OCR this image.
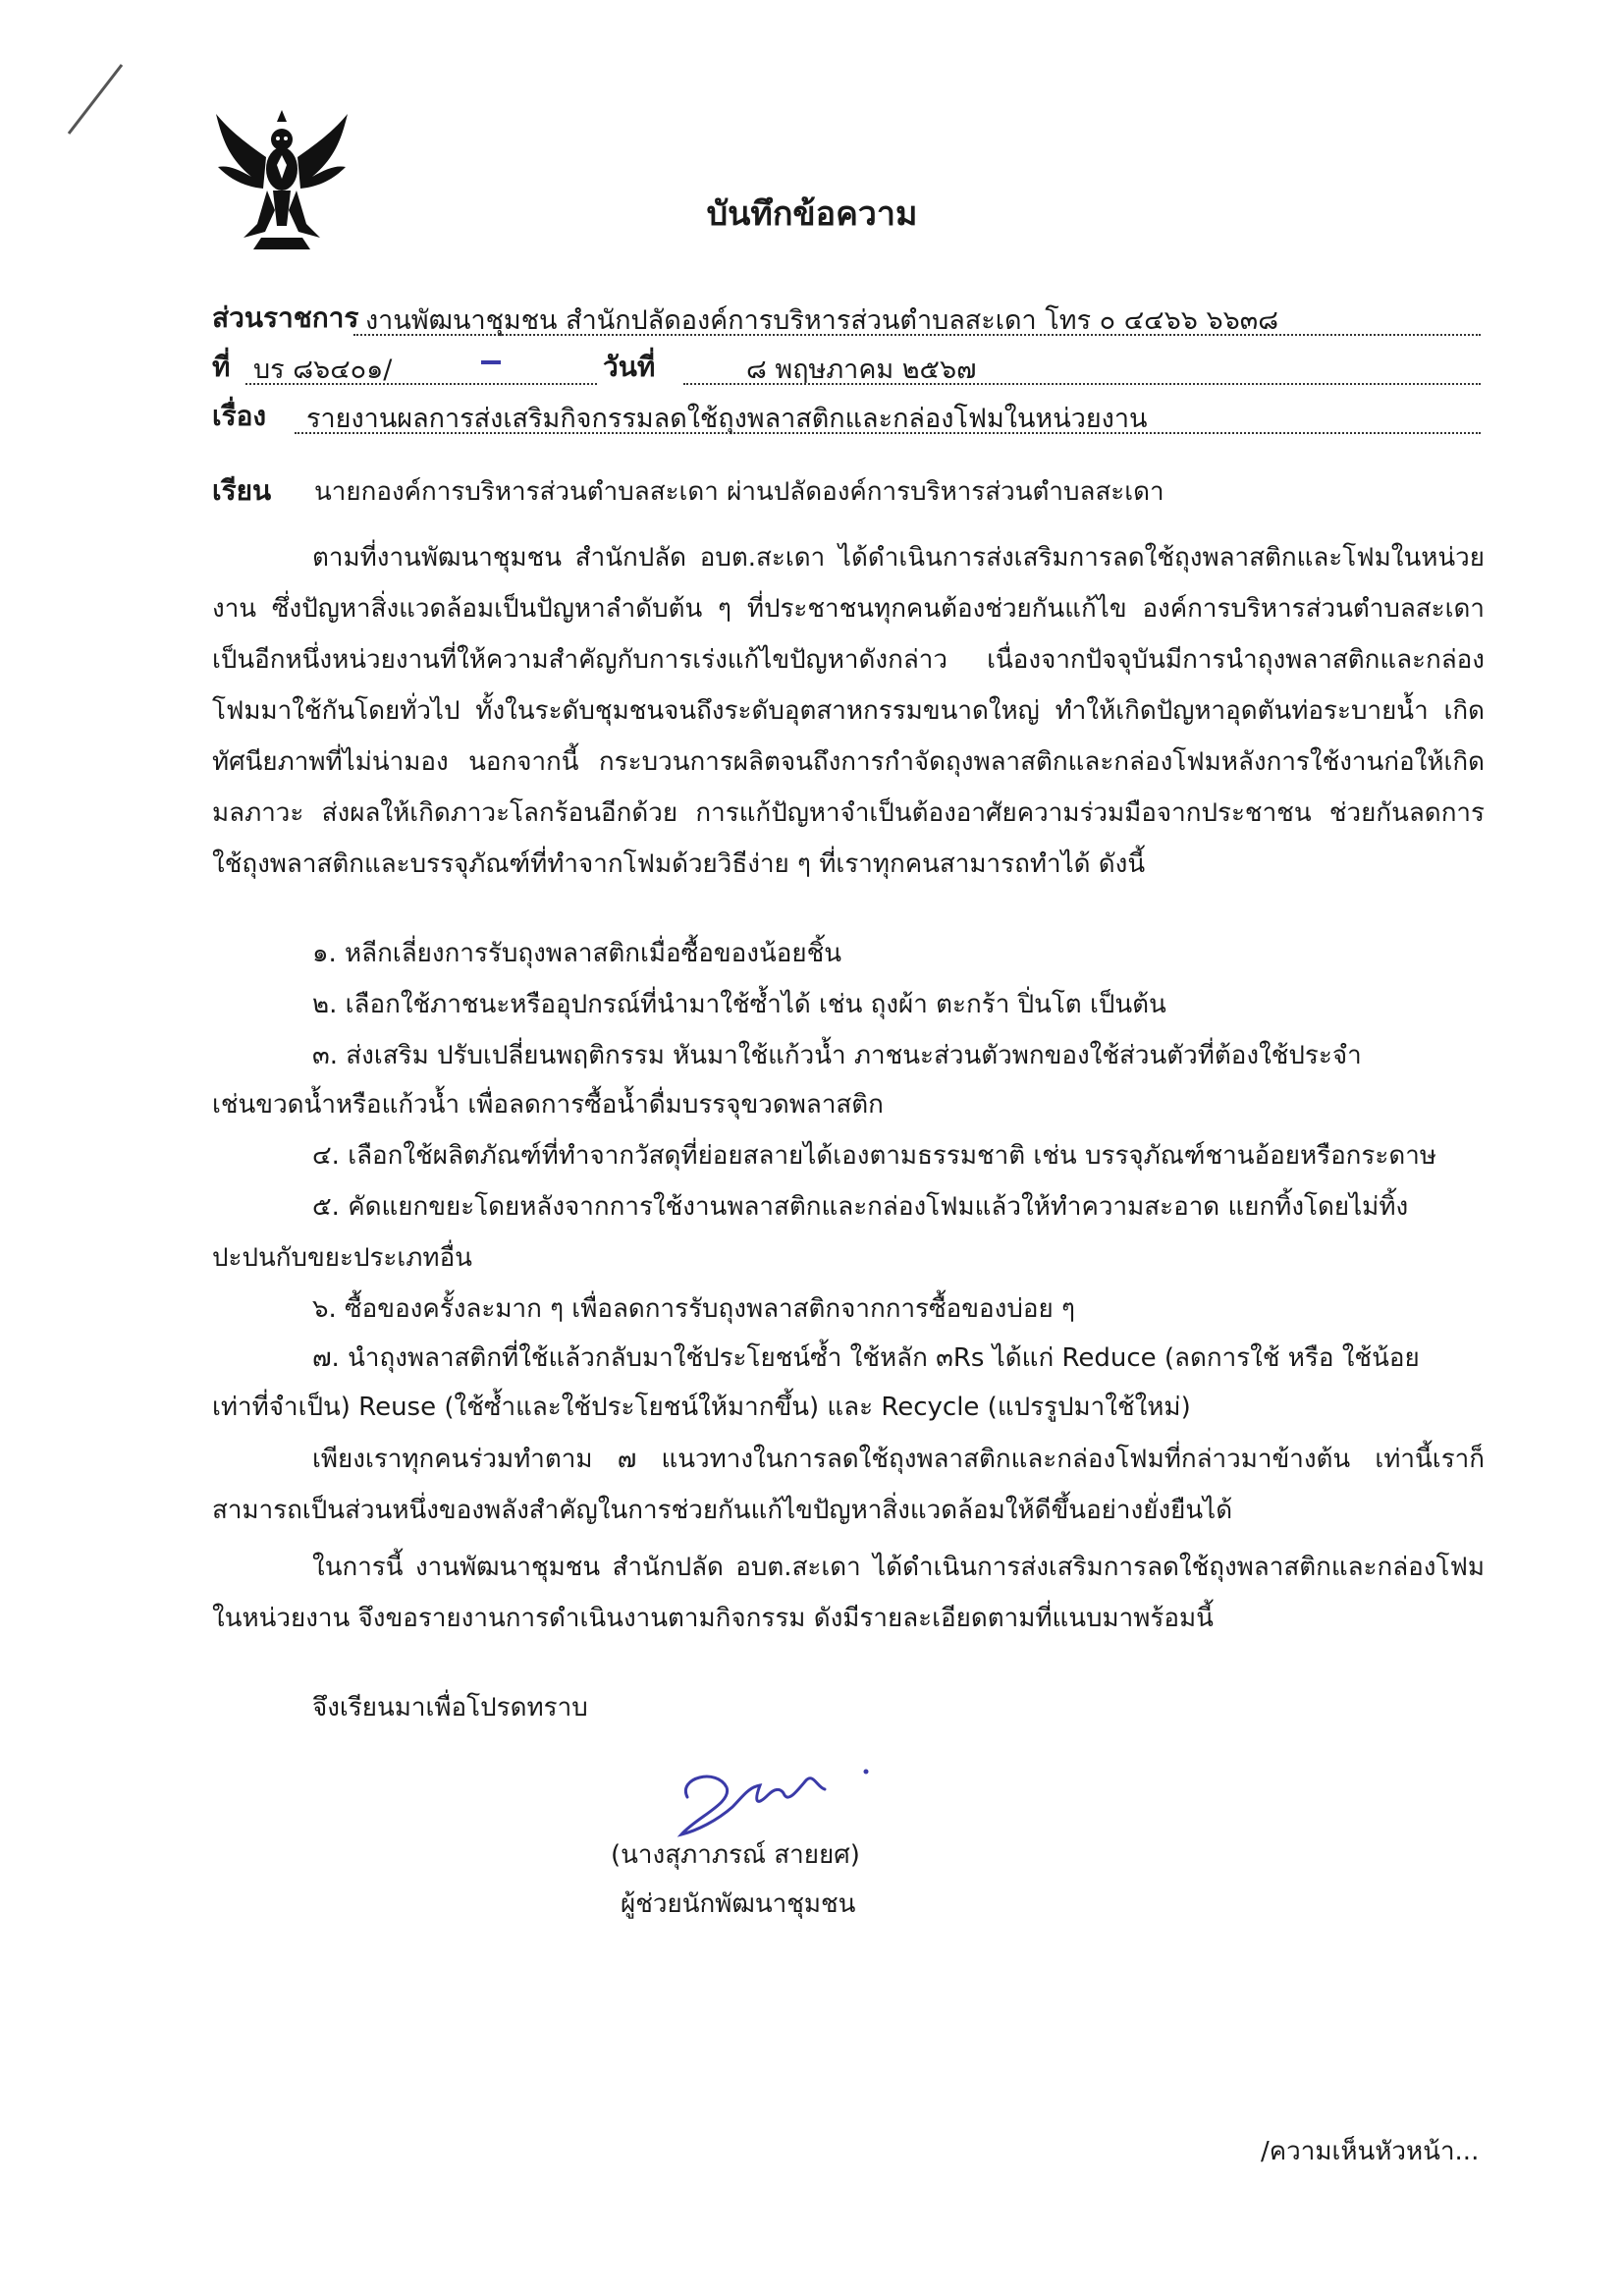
บันทึกข้อความ
ส่วนราชการ งานพัฒนาชุมชน สำนักปลัดองค์การบริหารส่วนตำบลสะเดา โทร ๐ ๔๔๖๖ ๖๖๓๘
ที่ บร ๘๖๔๐๑/	วันที่	๘ พฤษภาคม ๒๕๖๗
เรื่อง รายงานผลการส่งเสริมกิจกรรมลดใช้ถุงพลาสติกและกล่องโฟมในหน่วยงาน
เรียน นายกองค์การบริหารส่วนตำบลสะเดา ผ่านปลัดองค์การบริหารส่วนตำบลสะเดา
ตามที่งานพัฒนาชุมชน สำนักปลัด อบต.สะเดา ได้ดำเนินการส่งเสริมการลดใช้ถุงพลาสติกและโฟมในหน่วยงาน ซึ่งปัญหาสิ่งแวดล้อมเป็นปัญหาลำดับต้น ๆ ที่ประชาชนทุกคนต้องช่วยกันแก้ไข องค์การบริหารส่วนตำบลสะเดา เป็นอีกหนึ่งหน่วยงานที่ให้ความสำคัญกับการเร่งแก้ไขปัญหาดังกล่าว เนื่องจากปัจจุบันมีการนำถุงพลาสติกและกล่องโฟมมาใช้กันโดยทั่วไป ทั้งในระดับชุมชนจนถึงระดับอุตสาหกรรมขนาดใหญ่ ทำให้เกิดปัญหาอุดตันท่อระบายน้ำ เกิดทัศนียภาพที่ไม่น่ามอง นอกจากนี้ กระบวนการผลิตจนถึงการกำจัดถุงพลาสติกและกล่องโฟมหลังการใช้งานก่อให้เกิดมลภาวะ ส่งผลให้เกิดภาวะโลกร้อนอีกด้วย การแก้ปัญหาจำเป็นต้องอาศัยความร่วมมือจากประชาชน ช่วยกันลดการใช้ถุงพลาสติกและบรรจุภัณฑ์ที่ทำจากโฟมด้วยวิธีง่าย ๆ ที่เราทุกคนสามารถทำได้ ดังนี้
๑. หลีกเลี่ยงการรับถุงพลาสติกเมื่อซื้อของน้อยชิ้น
๒. เลือกใช้ภาชนะหรืออุปกรณ์ที่นำมาใช้ซ้ำได้ เช่น ถุงผ้า ตะกร้า ปิ่นโต เป็นต้น
๓. ส่งเสริม ปรับเปลี่ยนพฤติกรรม หันมาใช้แก้วน้ำ ภาชนะส่วนตัวพกของใช้ส่วนตัวที่ต้องใช้ประจำ
เช่นขวดน้ำหรือแก้วน้ำ เพื่อลดการซื้อน้ำดื่มบรรจุขวดพลาสติก
๔. เลือกใช้ผลิตภัณฑ์ที่ทำจากวัสดุที่ย่อยสลายได้เองตามธรรมชาติ เช่น บรรจุภัณฑ์ชานอ้อยหรือกระดาษ
๕. คัดแยกขยะโดยหลังจากการใช้งานพลาสติกและกล่องโฟมแล้วให้ทำความสะอาด แยกทิ้งโดยไม่ทิ้ง
ปะปนกับขยะประเภทอื่น
๖. ซื้อของครั้งละมาก ๆ เพื่อลดการรับถุงพลาสติกจากการซื้อของบ่อย ๆ
๗. นำถุงพลาสติกที่ใช้แล้วกลับมาใช้ประโยชน์ซ้ำ ใช้หลัก ๓Rs ได้แก่ Reduce (ลดการใช้ หรือ ใช้น้อย
เท่าที่จำเป็น) Reuse (ใช้ซ้ำและใช้ประโยชน์ให้มากขึ้น) และ Recycle (แปรรูปมาใช้ใหม่)
เพียงเราทุกคนร่วมทำตาม ๗ แนวทางในการลดใช้ถุงพลาสติกและกล่องโฟมที่กล่าวมาข้างต้น เท่านี้เราก็สามารถเป็นส่วนหนึ่งของพลังสำคัญในการช่วยกันแก้ไขปัญหาสิ่งแวดล้อมให้ดีขึ้นอย่างยั่งยืนได้
ในการนี้ งานพัฒนาชุมชน สำนักปลัด อบต.สะเดา ได้ดำเนินการส่งเสริมการลดใช้ถุงพลาสติกและกล่องโฟมในหน่วยงาน จึงขอรายงานการดำเนินงานตามกิจกรรม ดังมีรายละเอียดตามที่แนบมาพร้อมนี้
จึงเรียนมาเพื่อโปรดทราบ
(นางสุภาภรณ์ สายยศ)
ผู้ช่วยนักพัฒนาชุมชน
/ความเห็นหัวหน้า...
